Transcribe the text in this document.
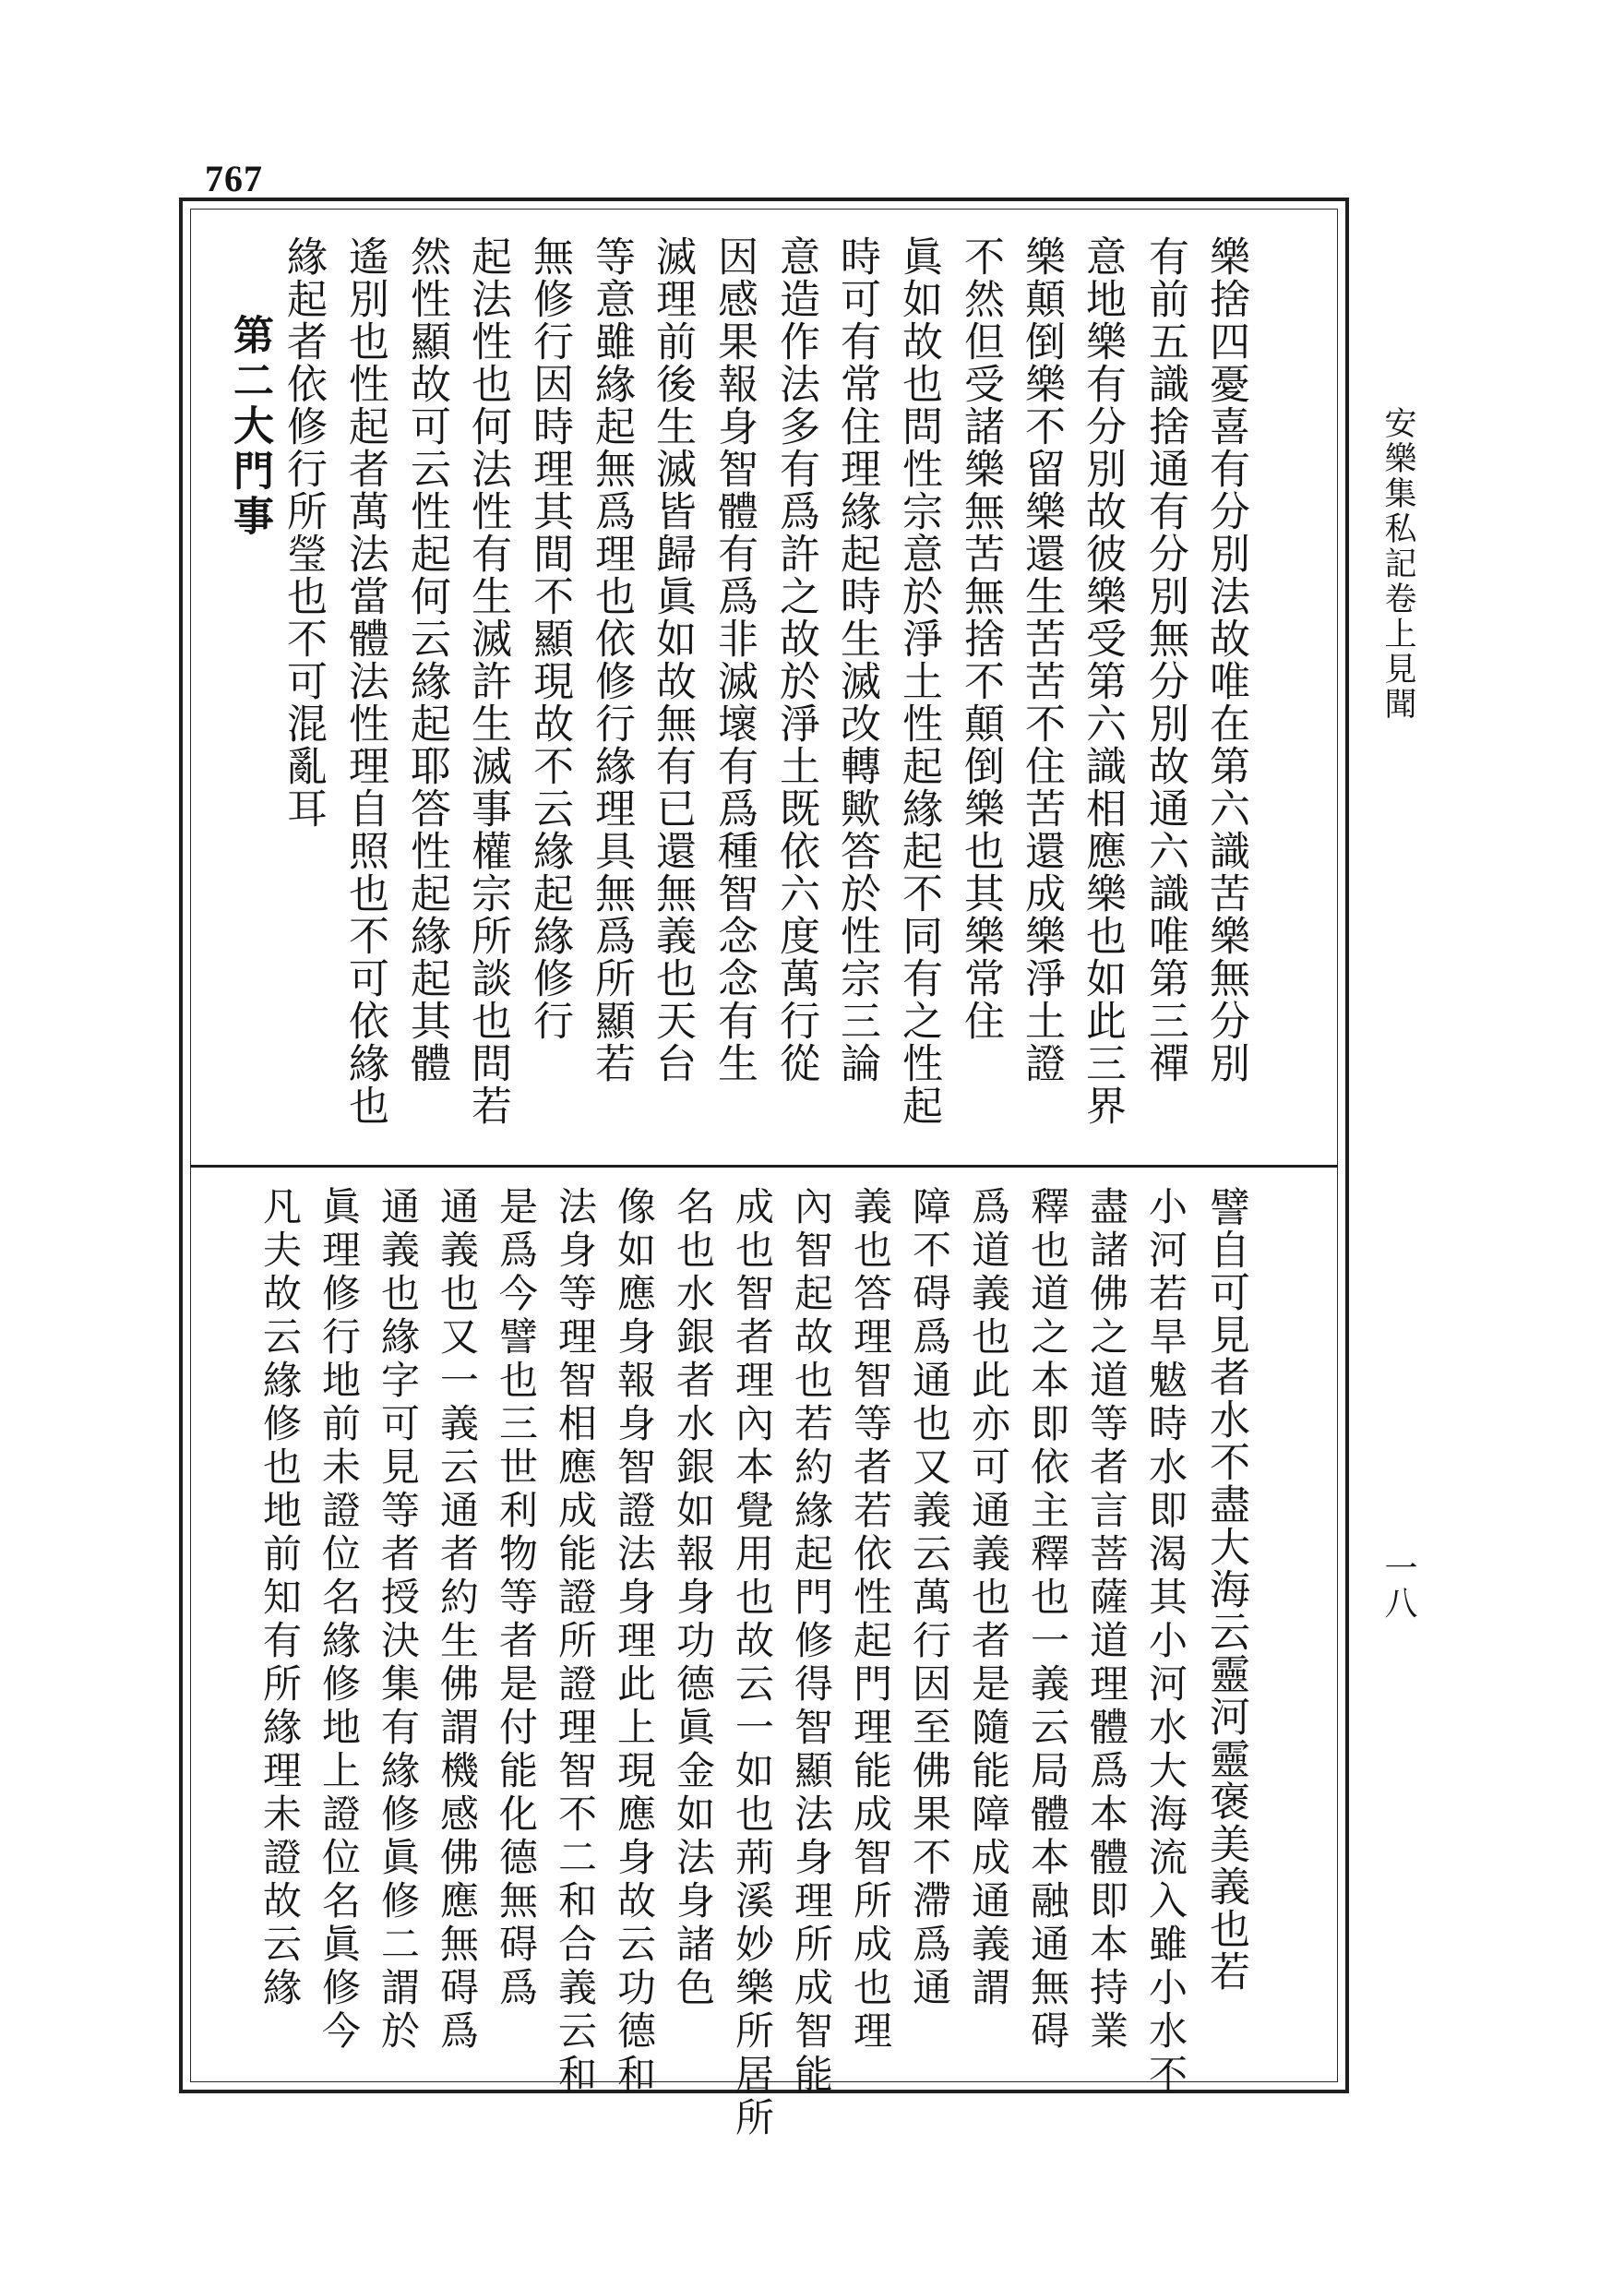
767
安樂集私記卷上見聞
一八
樂捨四憂喜有分別法故唯在第六識苦樂無分別
有前五識捨通有分別無分別故通六識唯第三禪
意地樂有分別故彼樂受第六識相應樂也如此三界
樂顛倒樂不留樂還生苦苦不住苦還成樂淨土證
不然但受諸樂無苦無捨不顛倒樂也其樂常住
眞如故也問性宗意於淨土性起緣起不同有之性起
時可有常住理緣起時生滅改轉歟答於性宗三論
意造作法多有爲許之故於淨土既依六度萬行從
因感果報身智體有爲非滅壞有爲種智念念有生
滅理前後生滅皆歸眞如故無有已還無義也天台
等意雖緣起無爲理也依修行緣理具無爲所顯若
無修行因時理其間不顯現故不云緣起緣修行
起法性也何法性有生滅許生滅事權宗所談也問若
然性顯故可云性起何云緣起耶答性起緣起其體
遙別也性起者萬法當體法性理自照也不可依緣也
緣起者依修行所瑩也不可混亂耳
第二大門事
譬自可見者水不盡大海云靈河靈褒美義也若
小河若旱魃時水即渴其小河水大海流入雖小水不
盡諸佛之道等者言菩薩道理體爲本體即本持業
釋也道之本即依主釋也一義云局體本融通無碍
爲道義也此亦可通義也者是隨能障成通義謂
障不碍爲通也又義云萬行因至佛果不滯爲通
義也答理智等者若依性起門理能成智所成也理
內智起故也若約緣起門修得智顯法身理所成智能
成也智者理內本覺用也故云一如也荊溪妙樂所居所
名也水銀者水銀如報身功德眞金如法身諸色
像如應身報身智證法身理此上現應身故云功德和
法身等理智相應成能證所證理智不二和合義云和
是爲今譬也三世利物等者是付能化德無碍爲
通義也又一義云通者約生佛謂機感佛應無碍爲
通義也緣字可見等者授決集有緣修眞修二謂於
眞理修行地前未證位名緣修地上證位名眞修今
凡夫故云緣修也地前知有所緣理未證故云緣
